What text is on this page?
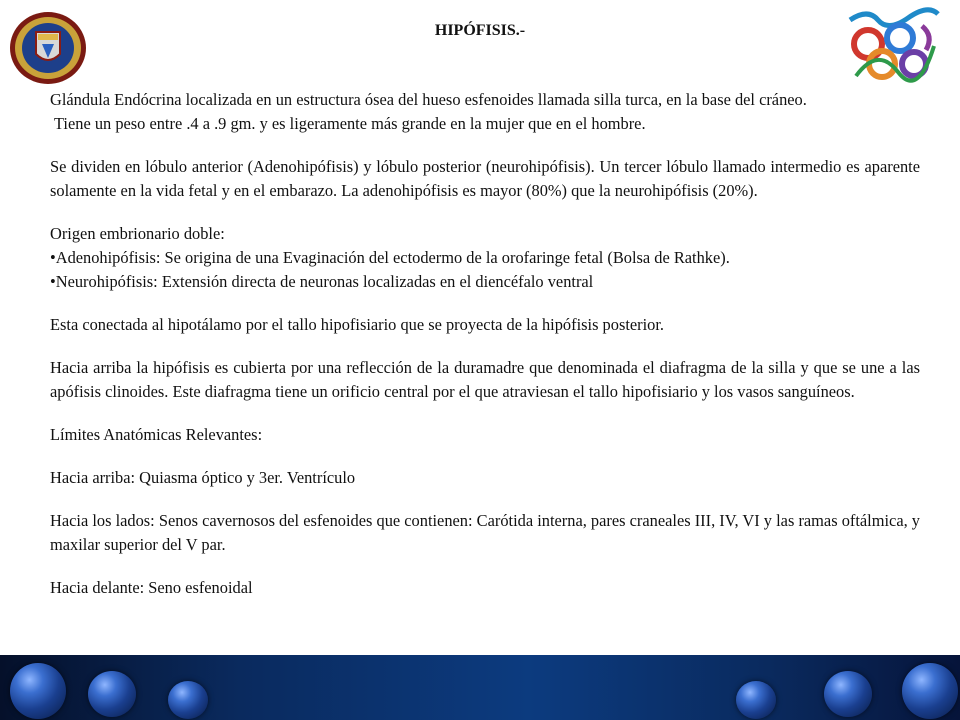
HIPÓFISIS.-

Glándula Endócrina localizada en un estructura ósea del hueso esfenoides llamada silla turca, en la base del cráneo.

Tiene un peso entre .4 a .9 gm. y es ligeramente más grande en la mujer que en el hombre.

Se dividen en lóbulo anterior (Adenohipófisis) y lóbulo posterior (neurohipófisis). Un tercer lóbulo llamado intermedio es aparente solamente en la vida fetal y en el embarazo. La adenohipófisis es mayor (80%) que la neurohipófisis (20%).

Origen embrionario doble:

•Adenohipófisis: Se origina de una Evaginación del ectodermo de la orofaringe fetal (Bolsa de Rathke).

•Neurohipófisis: Extensión directa de neuronas localizadas en el diencéfalo ventral

Esta conectada al hipotálamo por el tallo hipofisiario que se proyecta de la hipófisis posterior.

Hacia arriba la hipófisis es cubierta por una reflección de la duramadre que denominada el diafragma de la silla y que se une a las apófisis clinoides. Este diafragma tiene un orificio central por el que atraviesan el tallo hipofisiario y los vasos sanguíneos.

Límites Anatómicas Relevantes:

Hacia arriba: Quiasma óptico y 3er. Ventrículo

Hacia los lados: Senos cavernosos del esfenoides que contienen: Carótida interna, pares craneales III, IV, VI y las ramas oftálmica, y maxilar superior del V par.

Hacia delante: Seno esfenoidal
